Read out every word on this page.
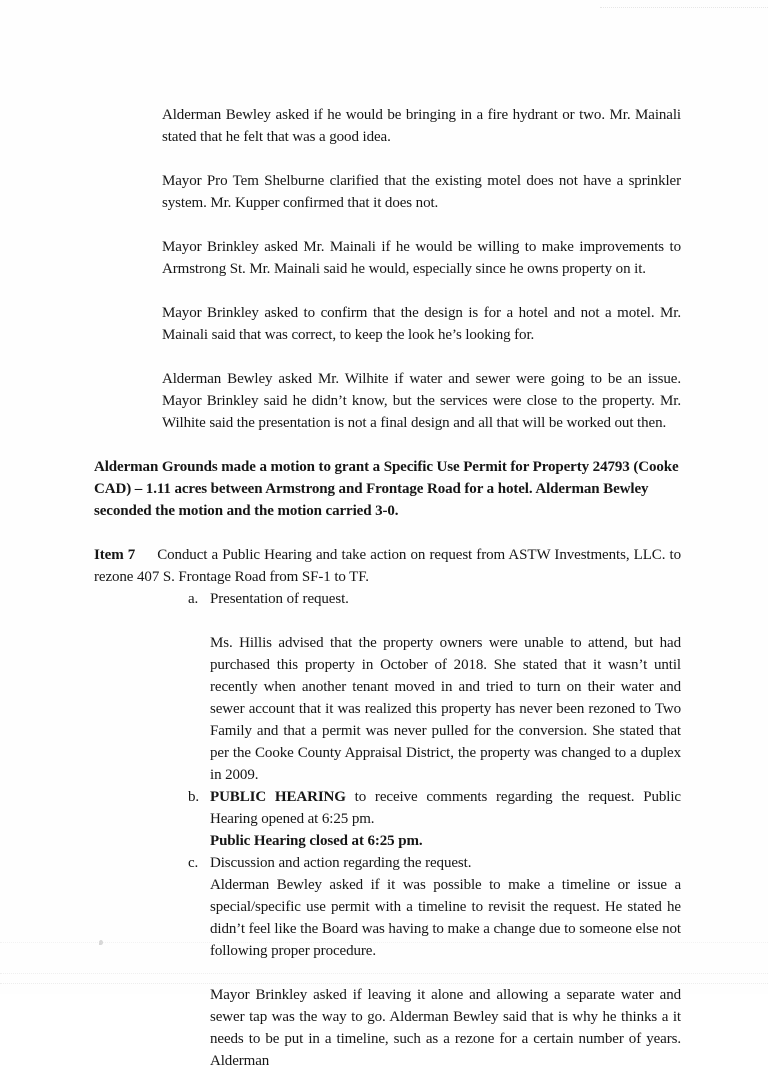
Alderman Bewley asked if he would be bringing in a fire hydrant or two. Mr. Mainali stated that he felt that was a good idea.

Mayor Pro Tem Shelburne clarified that the existing motel does not have a sprinkler system. Mr. Kupper confirmed that it does not.

Mayor Brinkley asked Mr. Mainali if he would be willing to make improvements to Armstrong St. Mr. Mainali said he would, especially since he owns property on it.

Mayor Brinkley asked to confirm that the design is for a hotel and not a motel. Mr. Mainali said that was correct, to keep the look he’s looking for.

Alderman Bewley asked Mr. Wilhite if water and sewer were going to be an issue. Mayor Brinkley said he didn’t know, but the services were close to the property. Mr. Wilhite said the presentation is not a final design and all that will be worked out then.

Alderman Grounds made a motion to grant a Specific Use Permit for Property 24793 (Cooke CAD) – 1.11 acres between Armstrong and Frontage Road for a hotel. Alderman Bewley seconded the motion and the motion carried 3-0.

Item 7 Conduct a Public Hearing and take action on request from ASTW Investments, LLC. to rezone 407 S. Frontage Road from SF-1 to TF.

a. Presentation of request.

Ms. Hillis advised that the property owners were unable to attend, but had purchased this property in October of 2018. She stated that it wasn’t until recently when another tenant moved in and tried to turn on their water and sewer account that it was realized this property has never been rezoned to Two Family and that a permit was never pulled for the conversion. She stated that per the Cooke County Appraisal District, the property was changed to a duplex in 2009.

b. PUBLIC HEARING to receive comments regarding the request. Public Hearing opened at 6:25 pm.

Public Hearing closed at 6:25 pm.

c. Discussion and action regarding the request.

Alderman Bewley asked if it was possible to make a timeline or issue a special/specific use permit with a timeline to revisit the request. He stated he didn’t feel like the Board was having to make a change due to someone else not following proper procedure.

Mayor Brinkley asked if leaving it alone and allowing a separate water and sewer tap was the way to go. Alderman Bewley said that is why he thinks a it needs to be put in a timeline, such as a rezone for a certain number of years. Alderman
